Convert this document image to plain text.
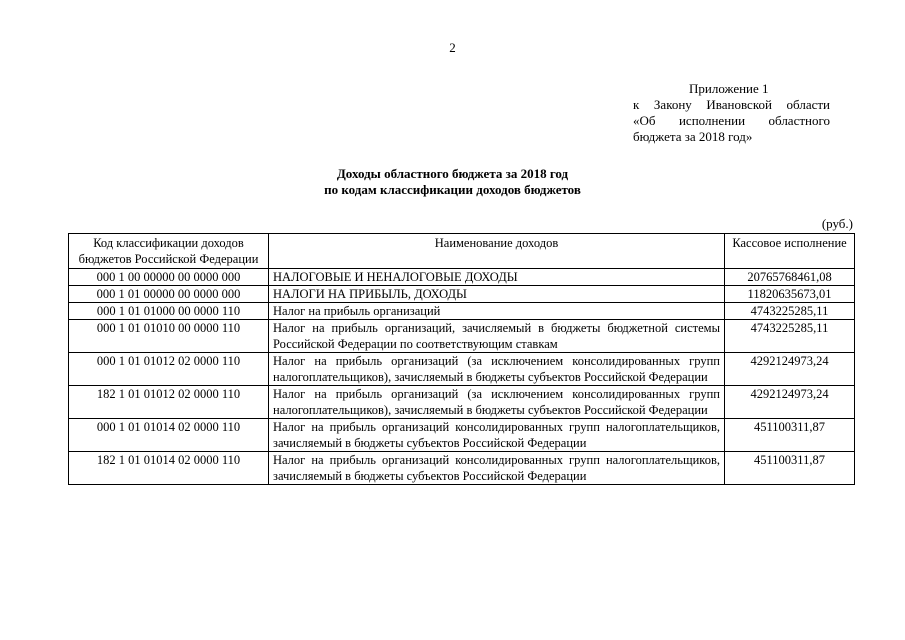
2
Приложение 1
к Закону Ивановской области
«Об исполнении областного
бюджета за 2018 год»
Доходы областного бюджета за 2018 год
по кодам классификации доходов бюджетов
(руб.)
Код классификации доходов бюджетов Российской Федерации	Наименование доходов	Кассовое исполнение
000 1 00 00000 00 0000 000	НАЛОГОВЫЕ И НЕНАЛОГОВЫЕ ДОХОДЫ	20765768461,08
000 1 01 00000 00 0000 000	НАЛОГИ НА ПРИБЫЛЬ, ДОХОДЫ	11820635673,01
000 1 01 01000 00 0000 110	Налог на прибыль организаций	4743225285,11
000 1 01 01010 00 0000 110	Налог на прибыль организаций, зачисляемый в бюджеты бюджетной системы Российской Федерации по соответствующим ставкам	4743225285,11
000 1 01 01012 02 0000 110	Налог на прибыль организаций (за исключением консолидированных групп налогоплательщиков), зачисляемый в бюджеты субъектов Российской Федерации	4292124973,24
182 1 01 01012 02 0000 110	Налог на прибыль организаций (за исключением консолидированных групп налогоплательщиков), зачисляемый в бюджеты субъектов Российской Федерации	4292124973,24
000 1 01 01014 02 0000 110	Налог на прибыль организаций консолидированных групп налогоплательщиков, зачисляемый в бюджеты субъектов Российской Федерации	451100311,87
182 1 01 01014 02 0000 110	Налог на прибыль организаций консолидированных групп налогоплательщиков, зачисляемый в бюджеты субъектов Российской Федерации	451100311,87
